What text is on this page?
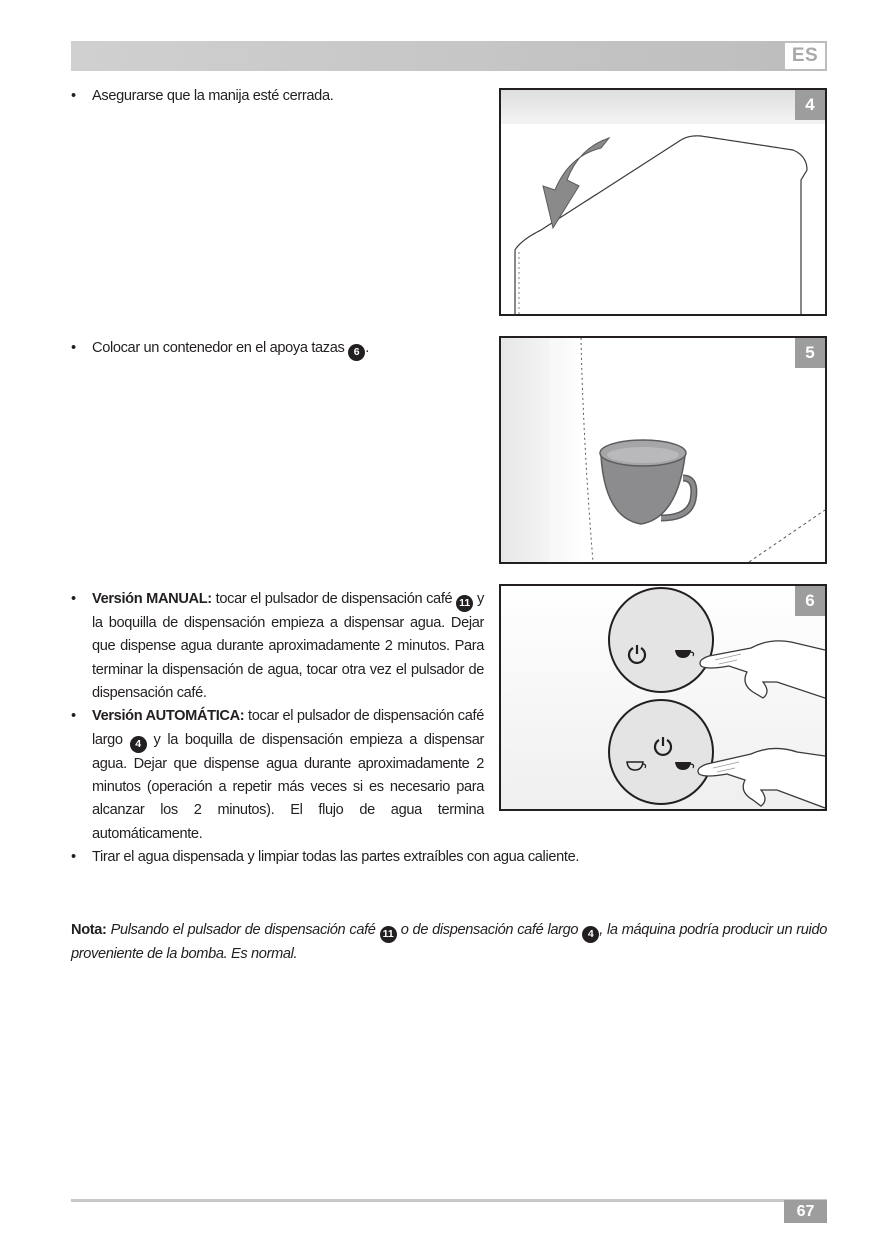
ES
• Asegurarse que la manija esté cerrada.	4
• Colocar un contenedor en el apoya tazas 6 .	5
• Versión MANUAL: tocar el pulsador de dispensación café 11 y la boquilla de dispensación empieza a dispensar agua. Dejar que dispense agua durante aproximadamente 2 minutos. Para terminar la dispensación de agua, tocar otra vez el pulsador de dispensación café.
• Versión AUTOMÁTICA: tocar el pulsador de dispensación café largo 4 y la boquilla de dispensación empieza a dispensar agua. Dejar que dispense agua durante aproximadamente 2 minutos (operación a repetir más veces si es necesario para alcanzar los 2 minutos). El flujo de agua termina automáticamente.
6
• Tirar el agua dispensada y limpiar todas las partes extraíbles con agua caliente.
Nota: Pulsando el pulsador de dispensación café 11 o de dispensación café largo 4 , la máquina podría producir un ruido proveniente de la bomba. Es normal.
67
